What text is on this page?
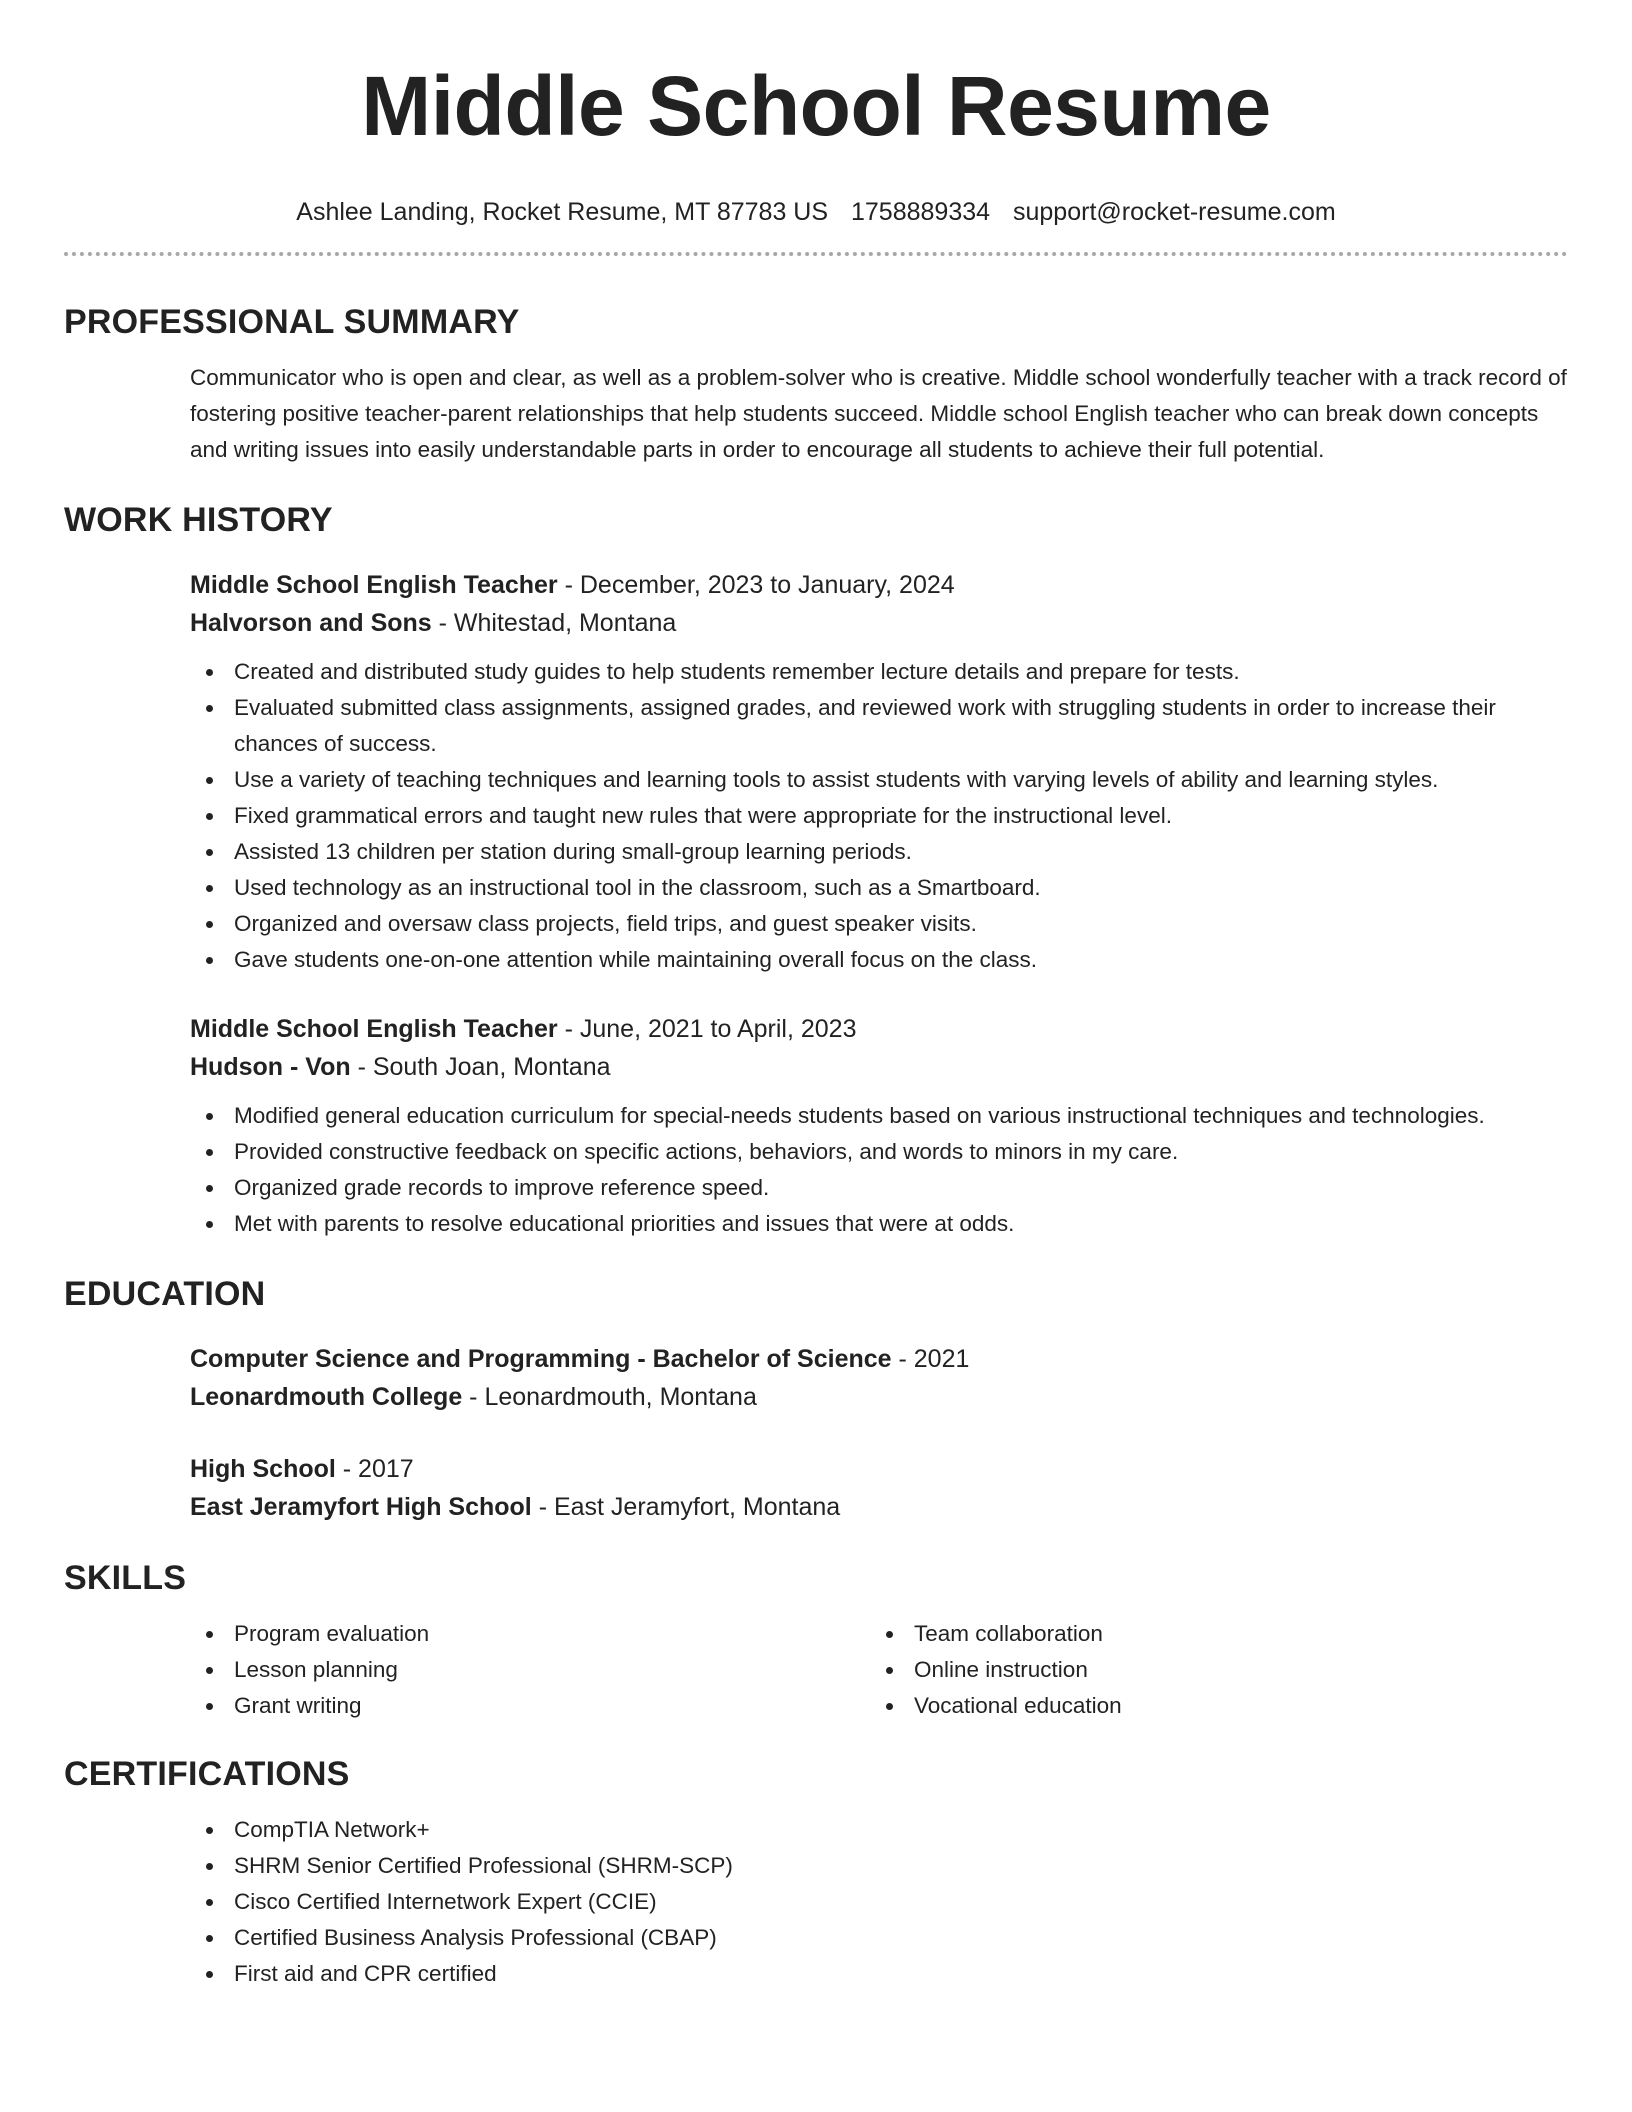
Middle School Resume
Ashlee Landing, Rocket Resume, MT 87783 US 1758889334 support@rocket-resume.com
PROFESSIONAL SUMMARY

Communicator who is open and clear, as well as a problem-solver who is creative. Middle school wonderfully teacher with a track record of fostering positive teacher-parent relationships that help students succeed. Middle school English teacher who can break down concepts and writing issues into easily understandable parts in order to encourage all students to achieve their full potential.

WORK HISTORY
Middle School English Teacher - December, 2023 to January, 2024
Halvorson and Sons - Whitestad, Montana
Created and distributed study guides to help students remember lecture details and prepare for tests.
Evaluated submitted class assignments, assigned grades, and reviewed work with struggling students in order to increase their chances of success.
Use a variety of teaching techniques and learning tools to assist students with varying levels of ability and learning styles.
Fixed grammatical errors and taught new rules that were appropriate for the instructional level.
Assisted 13 children per station during small-group learning periods.
Used technology as an instructional tool in the classroom, such as a Smartboard.
Organized and oversaw class projects, field trips, and guest speaker visits.
Gave students one-on-one attention while maintaining overall focus on the class.
Middle School English Teacher - June, 2021 to April, 2023
Hudson - Von - South Joan, Montana
Modified general education curriculum for special-needs students based on various instructional techniques and technologies.
Provided constructive feedback on specific actions, behaviors, and words to minors in my care.
Organized grade records to improve reference speed.
Met with parents to resolve educational priorities and issues that were at odds.
EDUCATION
Computer Science and Programming - Bachelor of Science - 2021
Leonardmouth College - Leonardmouth, Montana
High School - 2017
East Jeramyfort High School - East Jeramyfort, Montana
SKILLS
Program evaluation
Lesson planning
Grant writing
Team collaboration
Online instruction
Vocational education
CERTIFICATIONS
CompTIA Network+
SHRM Senior Certified Professional (SHRM-SCP)
Cisco Certified Internetwork Expert (CCIE)
Certified Business Analysis Professional (CBAP)
First aid and CPR certified
